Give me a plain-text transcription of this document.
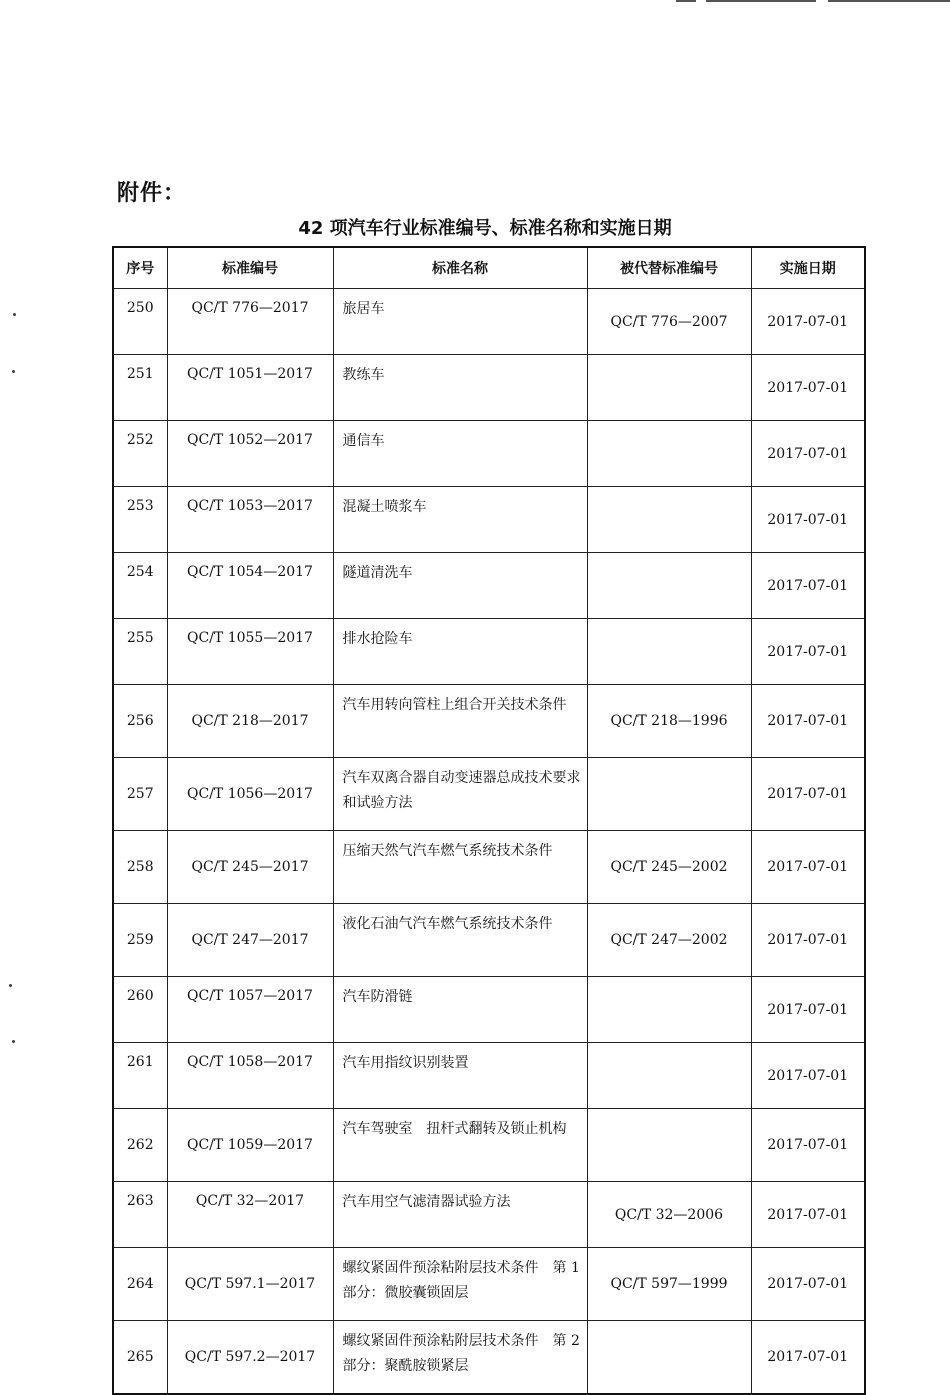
附件：
42 项汽车行业标准编号、标准名称和实施日期
序号	标准编号	标准名称	被代替标准编号	实施日期
250	QC/T 776—2017	旅居车	QC/T 776—2007	2017-07-01
251	QC/T 1051—2017	教练车		2017-07-01
252	QC/T 1052—2017	通信车		2017-07-01
253	QC/T 1053—2017	混凝土喷浆车		2017-07-01
254	QC/T 1054—2017	隧道清洗车		2017-07-01
255	QC/T 1055—2017	排水抢险车		2017-07-01
256	QC/T 218—2017	汽车用转向管柱上组合开关技术条件	QC/T 218—1996	2017-07-01
257	QC/T 1056—2017	汽车双离合器自动变速器总成技术要求和试验方法		2017-07-01
258	QC/T 245—2017	压缩天然气汽车燃气系统技术条件	QC/T 245—2002	2017-07-01
259	QC/T 247—2017	液化石油气汽车燃气系统技术条件	QC/T 247—2002	2017-07-01
260	QC/T 1057—2017	汽车防滑链		2017-07-01
261	QC/T 1058—2017	汽车用指纹识别装置		2017-07-01
262	QC/T 1059—2017	汽车驾驶室　扭杆式翻转及锁止机构		2017-07-01
263	QC/T 32—2017	汽车用空气滤清器试验方法	QC/T 32—2006	2017-07-01
264	QC/T 597.1—2017	螺纹紧固件预涂粘附层技术条件　第 1 部分：微胶囊锁固层	QC/T 597—1999	2017-07-01
265	QC/T 597.2—2017	螺纹紧固件预涂粘附层技术条件　第 2 部分：聚酰胺锁紧层		2017-07-01
